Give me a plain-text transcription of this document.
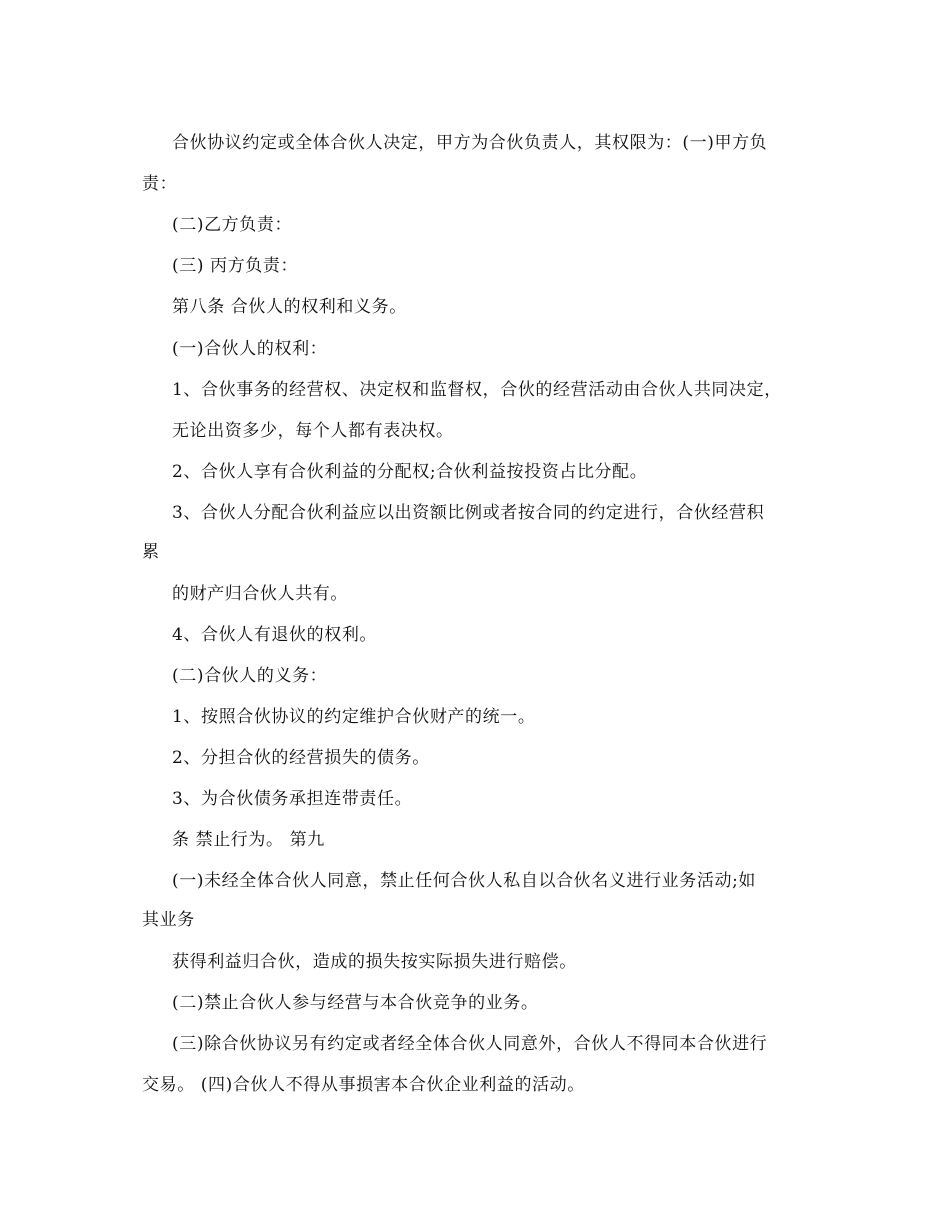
合伙协议约定或全体合伙人决定，甲方为合伙负责人，其权限为：(一)甲方负
责：
(二)乙方负责：
(三) 丙方负责：
第八条 合伙人的权利和义务。
(一)合伙人的权利：
1、合伙事务的经营权、决定权和监督权，合伙的经营活动由合伙人共同决定，
无论出资多少，每个人都有表决权。
2、合伙人享有合伙利益的分配权;合伙利益按投资占比分配。
3、合伙人分配合伙利益应以出资额比例或者按合同的约定进行，合伙经营积
累
的财产归合伙人共有。
4、合伙人有退伙的权利。
(二)合伙人的义务：
1、按照合伙协议的约定维护合伙财产的统一。
2、分担合伙的经营损失的债务。
3、为合伙债务承担连带责任。
条 禁止行为。 第九
(一)未经全体合伙人同意，禁止任何合伙人私自以合伙名义进行业务活动;如
其业务
获得利益归合伙，造成的损失按实际损失进行赔偿。
(二)禁止合伙人参与经营与本合伙竞争的业务。
(三)除合伙协议另有约定或者经全体合伙人同意外，合伙人不得同本合伙进行
交易。 (四)合伙人不得从事损害本合伙企业利益的活动。
